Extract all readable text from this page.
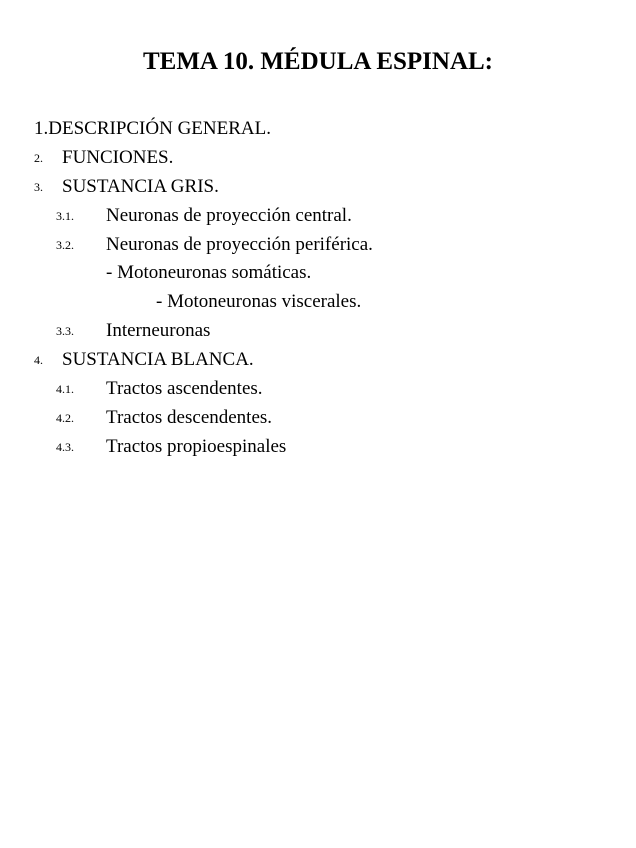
TEMA 10. MÉDULA ESPINAL:
1.DESCRIPCIÓN GENERAL.
2. FUNCIONES.
3. SUSTANCIA GRIS.
3.1. Neuronas de proyección central.
3.2. Neuronas de proyección periférica.
- Motoneuronas somáticas.
- Motoneuronas viscerales.
3.3. Interneuronas
4. SUSTANCIA BLANCA.
4.1. Tractos ascendentes.
4.2. Tractos descendentes.
4.3. Tractos propioespinales
